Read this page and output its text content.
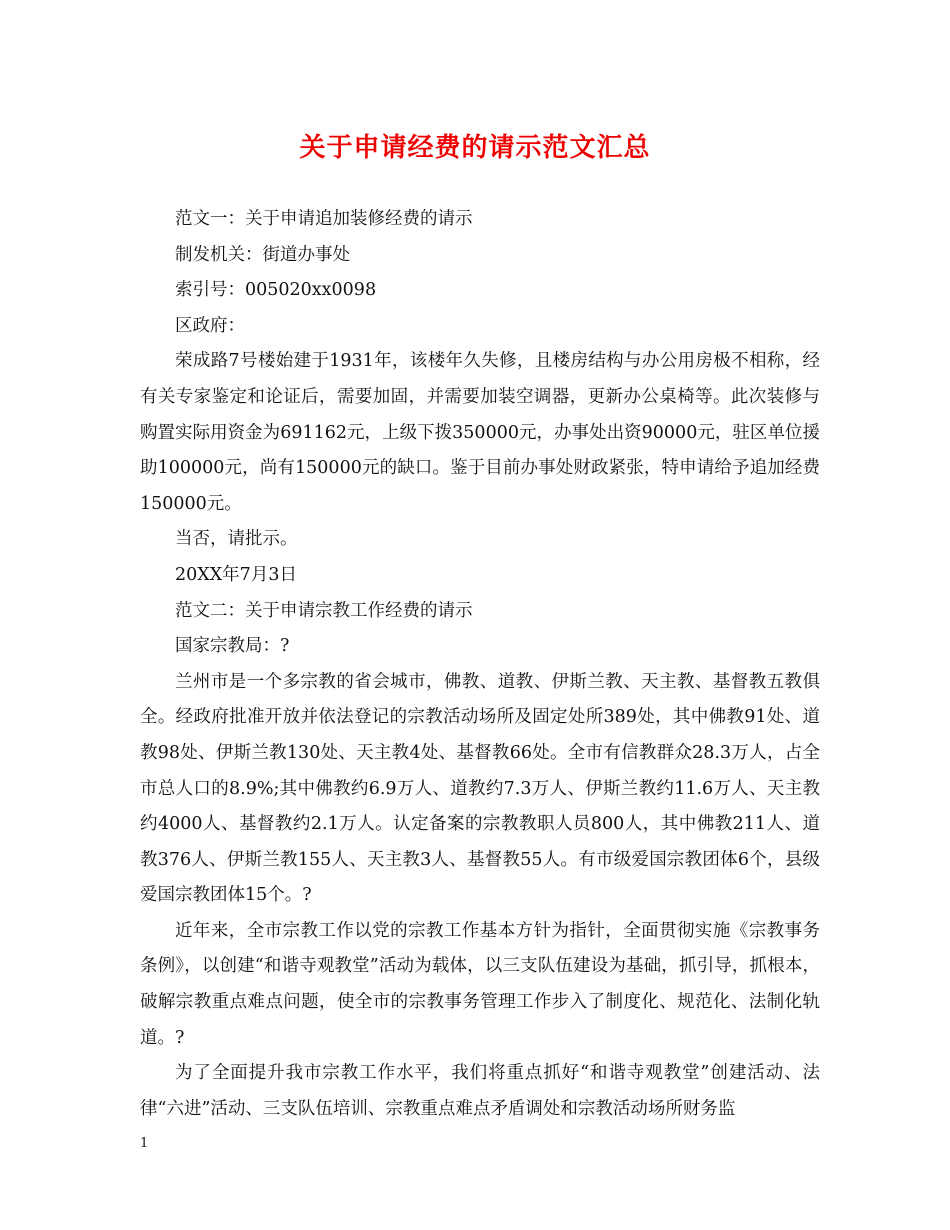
关于申请经费的请示范文汇总

范文一：关于申请追加装修经费的请示

制发机关：街道办事处

索引号：005020xx0098

区政府：

荣成路7号楼始建于1931年，该楼年久失修，且楼房结构与办公用房极不相称，经有关专家鉴定和论证后，需要加固，并需要加装空调器，更新办公桌椅等。此次装修与购置实际用资金为691162元，上级下拨350000元，办事处出资90000元，驻区单位援助100000元，尚有150000元的缺口。鉴于目前办事处财政紧张，特申请给予追加经费150000元。

当否，请批示。

20XX年7月3日

范文二：关于申请宗教工作经费的请示

国家宗教局：?

兰州市是一个多宗教的省会城市，佛教、道教、伊斯兰教、天主教、基督教五教俱全。经政府批准开放并依法登记的宗教活动场所及固定处所389处，其中佛教91处、道教98处、伊斯兰教130处、天主教4处、基督教66处。全市有信教群众28.3万人，占全市总人口的8.9%;其中佛教约6.9万人、道教约7.3万人、伊斯兰教约11.6万人、天主教约4000人、基督教约2.1万人。认定备案的宗教教职人员800人，其中佛教211人、道教376人、伊斯兰教155人、天主教3人、基督教55人。有市级爱国宗教团体6个，县级爱国宗教团体15个。?

近年来，全市宗教工作以党的宗教工作基本方针为指针，全面贯彻实施《宗教事务条例》，以创建“和谐寺观教堂”活动为载体，以三支队伍建设为基础，抓引导，抓根本，破解宗教重点难点问题，使全市的宗教事务管理工作步入了制度化、规范化、法制化轨道。?

为了全面提升我市宗教工作水平，我们将重点抓好“和谐寺观教堂”创建活动、法律“六进”活动、三支队伍培训、宗教重点难点矛盾调处和宗教活动场所财务监

1
